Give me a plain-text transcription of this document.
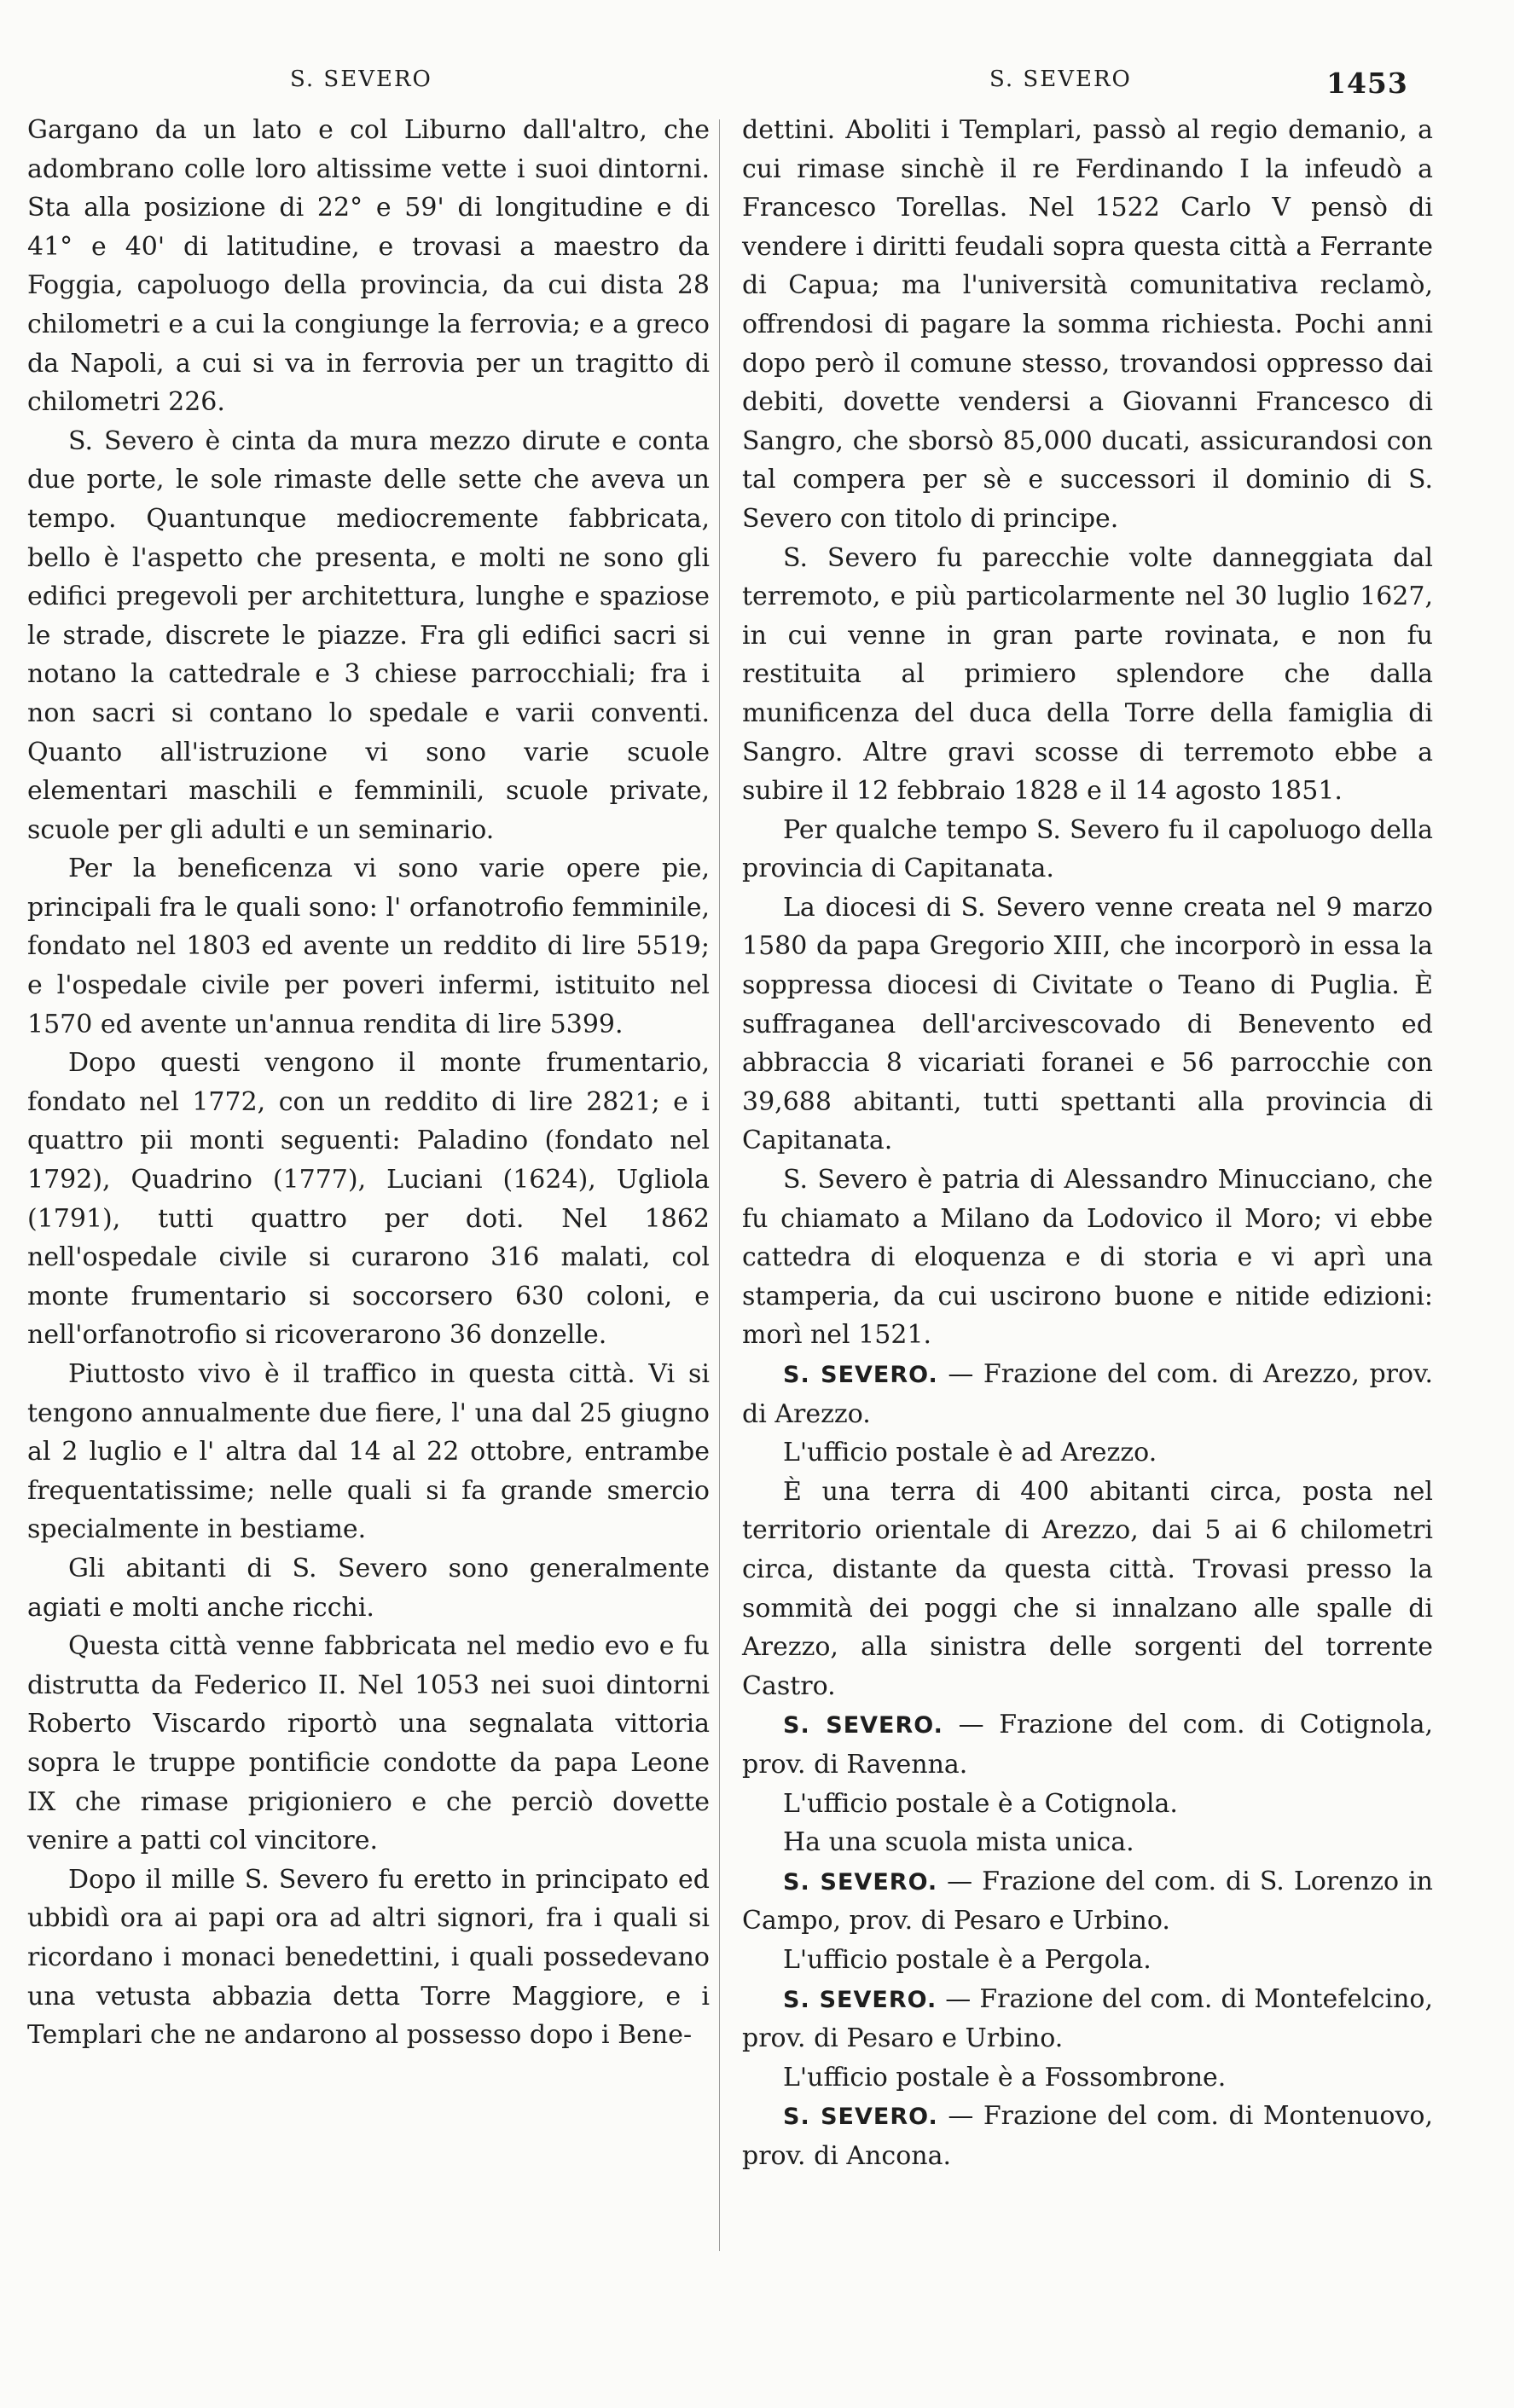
S. SEVERO	S. SEVERO	1453

Gargano da un lato e col Liburno dall'altro, che adombrano colle loro altissime vette i suoi dintorni. Sta alla posizione di 22° e 59' di longitudine e di 41° e 40' di latitudine, e trovasi a maestro da Foggia, capoluogo della provincia, da cui dista 28 chilometri e a cui la congiunge la ferrovia; e a greco da Napoli, a cui si va in ferrovia per un tragitto di chilometri 226.

S. Severo è cinta da mura mezzo dirute e conta due porte, le sole rimaste delle sette che aveva un tempo. Quantunque mediocremente fabbricata, bello è l'aspetto che presenta, e molti ne sono gli edifici pregevoli per architettura, lunghe e spaziose le strade, discrete le piazze. Fra gli edifici sacri si notano la cattedrale e 3 chiese parrocchiali; fra i non sacri si contano lo spedale e varii conventi. Quanto all'istruzione vi sono varie scuole elementari maschili e femminili, scuole private, scuole per gli adulti e un seminario.

Per la beneficenza vi sono varie opere pie, principali fra le quali sono: l' orfanotrofio femminile, fondato nel 1803 ed avente un reddito di lire 5519; e l'ospedale civile per poveri infermi, istituito nel 1570 ed avente un'annua rendita di lire 5399.

Dopo questi vengono il monte frumentario, fondato nel 1772, con un reddito di lire 2821; e i quattro pii monti seguenti: Paladino (fondato nel 1792), Quadrino (1777), Luciani (1624), Ugliola (1791), tutti quattro per doti. Nel 1862 nell'ospedale civile si curarono 316 malati, col monte frumentario si soccorsero 630 coloni, e nell'orfanotrofio si ricoverarono 36 donzelle.

Piuttosto vivo è il traffico in questa città. Vi si tengono annualmente due fiere, l' una dal 25 giugno al 2 luglio e l' altra dal 14 al 22 ottobre, entrambe frequentatissime; nelle quali si fa grande smercio specialmente in bestiame.

Gli abitanti di S. Severo sono generalmente agiati e molti anche ricchi.

Questa città venne fabbricata nel medio evo e fu distrutta da Federico II. Nel 1053 nei suoi dintorni Roberto Viscardo riportò una segnalata vittoria sopra le truppe pontificie condotte da papa Leone IX che rimase prigioniero e che perciò dovette venire a patti col vincitore.

Dopo il mille S. Severo fu eretto in principato ed ubbidì ora ai papi ora ad altri signori, fra i quali si ricordano i monaci benedettini, i quali possedevano una vetusta abbazia detta Torre Maggiore, e i Templari che ne andarono al possesso dopo i Bene-

dettini. Aboliti i Templari, passò al regio demanio, a cui rimase sinchè il re Ferdinando I la infeudò a Francesco Torellas. Nel 1522 Carlo V pensò di vendere i diritti feudali sopra questa città a Ferrante di Capua; ma l'università comunitativa reclamò, offrendosi di pagare la somma richiesta. Pochi anni dopo però il comune stesso, trovandosi oppresso dai debiti, dovette vendersi a Giovanni Francesco di Sangro, che sborsò 85,000 ducati, assicurandosi con tal compera per sè e successori il dominio di S. Severo con titolo di principe.

S. Severo fu parecchie volte danneggiata dal terremoto, e più particolarmente nel 30 luglio 1627, in cui venne in gran parte rovinata, e non fu restituita al primiero splendore che dalla munificenza del duca della Torre della famiglia di Sangro. Altre gravi scosse di terremoto ebbe a subire il 12 febbraio 1828 e il 14 agosto 1851.

Per qualche tempo S. Severo fu il capoluogo della provincia di Capitanata.

La diocesi di S. Severo venne creata nel 9 marzo 1580 da papa Gregorio XIII, che incorporò in essa la soppressa diocesi di Civitate o Teano di Puglia. È suffraganea dell'arcivescovado di Benevento ed abbraccia 8 vicariati foranei e 56 parrocchie con 39,688 abitanti, tutti spettanti alla provincia di Capitanata.

S. Severo è patria di Alessandro Minucciano, che fu chiamato a Milano da Lodovico il Moro; vi ebbe cattedra di eloquenza e di storia e vi aprì una stamperia, da cui uscirono buone e nitide edizioni: morì nel 1521.

S. SEVERO. — Frazione del com. di Arezzo, prov. di Arezzo.

L'ufficio postale è ad Arezzo.

È una terra di 400 abitanti circa, posta nel territorio orientale di Arezzo, dai 5 ai 6 chilometri circa, distante da questa città. Trovasi presso la sommità dei poggi che si innalzano alle spalle di Arezzo, alla sinistra delle sorgenti del torrente Castro.

S. SEVERO. — Frazione del com. di Cotignola, prov. di Ravenna.

L'ufficio postale è a Cotignola.

Ha una scuola mista unica.

S. SEVERO. — Frazione del com. di S. Lorenzo in Campo, prov. di Pesaro e Urbino.

L'ufficio postale è a Pergola.

S. SEVERO. — Frazione del com. di Montefelcino, prov. di Pesaro e Urbino.

L'ufficio postale è a Fossombrone.

S. SEVERO. — Frazione del com. di Montenuovo, prov. di Ancona.
